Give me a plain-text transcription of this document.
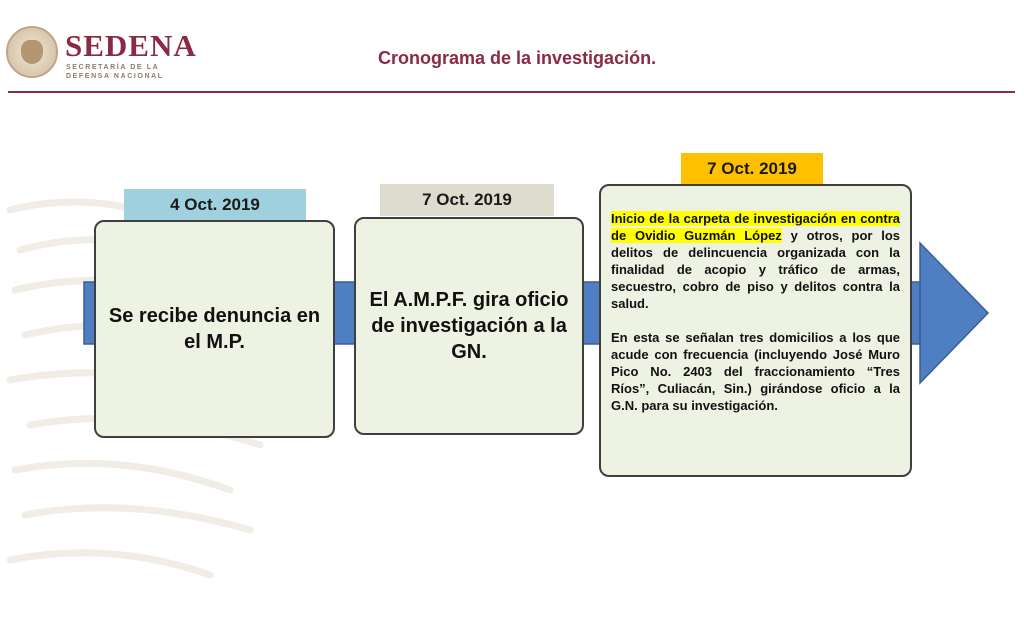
SEDENA
SECRETARÍA DE LA DEFENSA NACIONAL
Cronograma de la investigación.
4 Oct. 2019
Se recibe denuncia en el M.P.
7 Oct. 2019
El A.M.P.F. gira oficio de investigación a la GN.
7 Oct. 2019

Inicio de la carpeta de investigación en contra de Ovidio Guzmán López y otros, por los delitos de delincuencia organizada con la finalidad de acopio y tráfico de armas, secuestro, cobro de piso y delitos contra la salud.

En esta se señalan tres domicilios a los que acude con frecuencia (incluyendo José Muro Pico No. 2403 del fraccionamiento “Tres Ríos”, Culiacán, Sin.) girándose oficio a la G.N. para su investigación.
